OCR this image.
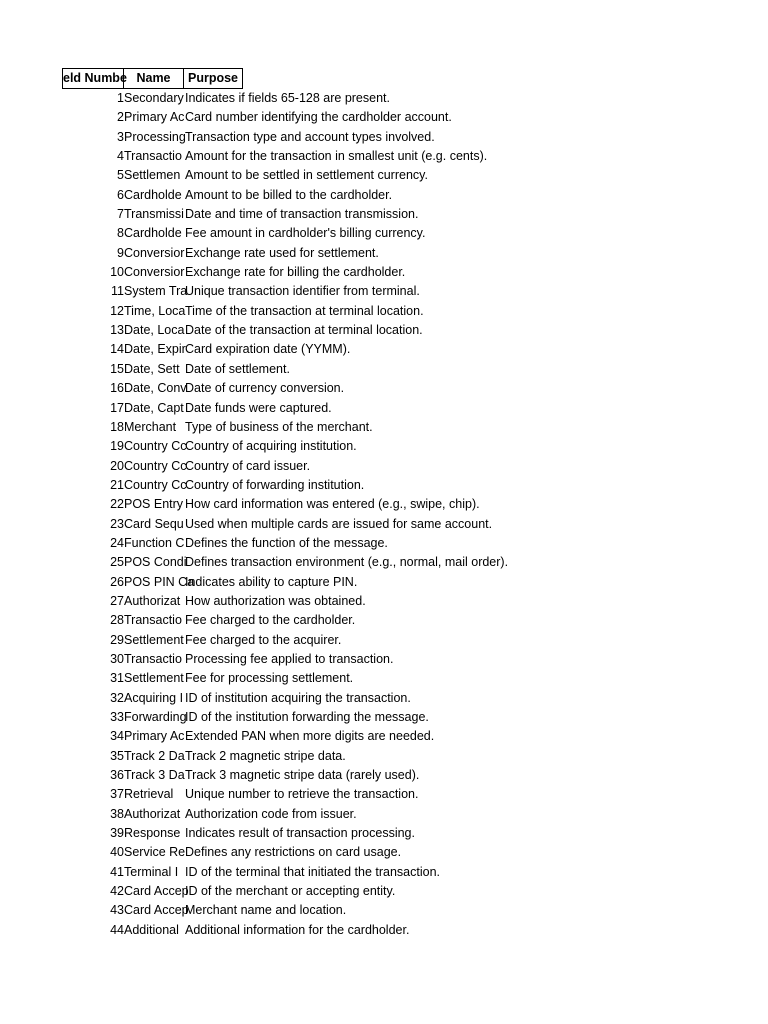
eld Numbe Name	Purpose
1 Secondary Indicates if fields 65-128 are present.
2 Primary Ac Card number identifying the cardholder account.
3 Processing Transaction type and account types involved.
4 Transactio Amount for the transaction in smallest unit (e.g. cents).
5 Settlemen Amount to be settled in settlement currency.
6 Cardholde Amount to be billed to the cardholder.
7 Transmissi Date and time of transaction transmission.
8 Cardholde Fee amount in cardholder's billing currency.
9 Conversior Exchange rate used for settlement.
10 Conversior Exchange rate for billing the cardholder.
11 System Tra
Unique transaction identifier from terminal.
12 Time, Loca Time of the transaction at terminal location.
13 Date, Loca Date of the transaction at terminal location.
14 Date, Expir Card expiration date (YYMM).
15 Date, Sett Date of settlement.
16 Date, Conv
Date of currency conversion.
17 Date, Capt Date funds were captured.
18 Merchant Type of business of the merchant.
19 Country Cc
Country of acquiring institution.
20 Country Cc
Country of card issuer.
21 Country Cc
Country of forwarding institution.
22 POS Entry How card information was entered (e.g., swipe, chip).
23 Card Sequ Used when multiple cards are issued for same account.
24 Function C Defines the function of the message.
25 POS Condi
Defines transaction environment (e.g., normal, mail order).
26 POS PIN Ca
Indicates ability to capture PIN.
27 Authorizat How authorization was obtained.
28 Transactio Fee charged to the cardholder.
29 Settlement Fee charged to the acquirer.
30 Transactio Processing fee applied to transaction.
31 Settlement Fee for processing settlement.
32 Acquiring I ID of institution acquiring the transaction.
33 Forwarding
ID of the institution forwarding the message.
34 Primary Ac Extended PAN when more digits are needed.
35 Track 2 Da Track 2 magnetic stripe data.
36 Track 3 Da Track 3 magnetic stripe data (rarely used).
37 Retrieval Unique number to retrieve the transaction.
38 Authorizat Authorization code from issuer.
39 Response Indicates result of transaction processing.
40 Service Re Defines any restrictions on card usage.
41 Terminal I ID of the terminal that initiated the transaction.
42 Card Accep
ID of the merchant or accepting entity.
43 Card Accep
Merchant name and location.
44 Additional Additional information for the cardholder.
